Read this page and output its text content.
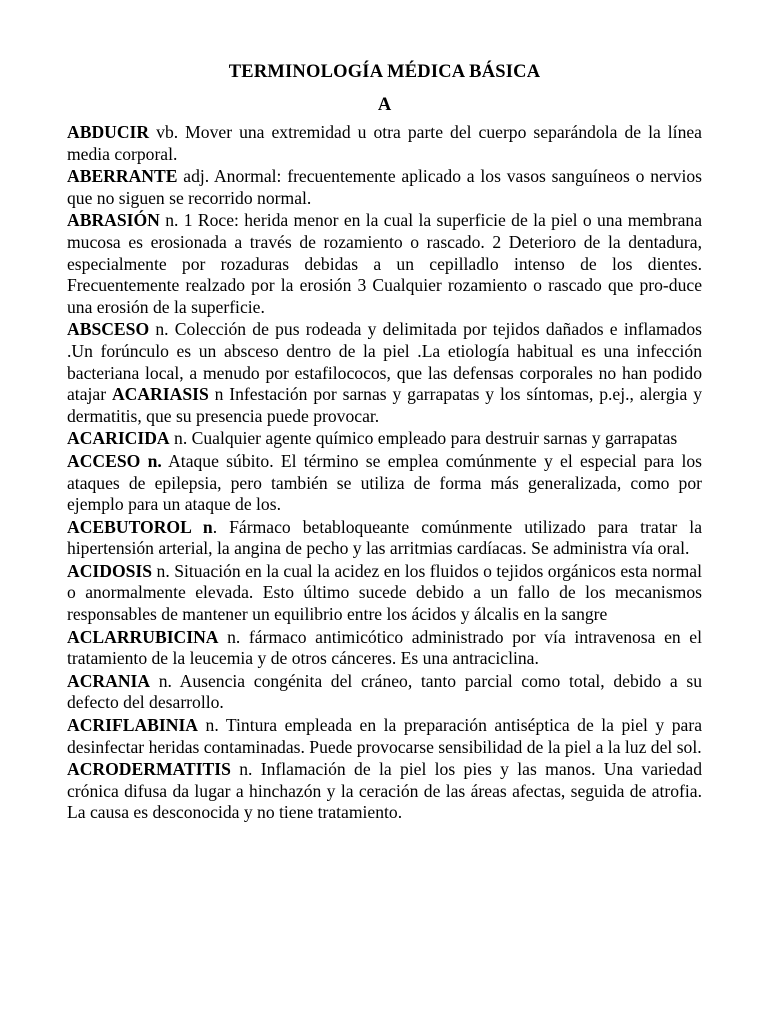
TERMINOLOGÍA MÉDICA BÁSICA
A

ABDUCIR vb. Mover una extremidad u otra parte del cuerpo separándola de la línea media corporal.

ABERRANTE adj. Anormal: frecuentemente aplicado a los vasos sanguíneos o nervios que no siguen se recorrido normal.

ABRASIÓN n. 1 Roce: herida menor en la cual la superficie de la piel o una membrana mucosa es erosionada a través de rozamiento o rascado. 2 Deterioro de la dentadura, especialmente por rozaduras debidas a un cepilladlo intenso de los dientes. Frecuentemente realzado por la erosión 3 Cualquier rozamiento o rascado que pro-duce una erosión de la superficie.

ABSCESO n. Colección de pus rodeada y delimitada por tejidos dañados e inflamados .Un forúnculo es un absceso dentro de la piel .La etiología habitual es una infección bacteriana local, a menudo por estafilococos, que las defensas corporales no han podido atajar ACARIASIS n Infestación por sarnas y garrapatas y los síntomas, p.ej., alergia y dermatitis, que su presencia puede provocar.

ACARICIDA n. Cualquier agente químico empleado para destruir sarnas y garrapatas

ACCESO n. Ataque súbito. El término se emplea comúnmente y el especial para los ataques de epilepsia, pero también se utiliza de forma más generalizada, como por ejemplo para un ataque de los.

ACEBUTOROL n. Fármaco betabloqueante comúnmente utilizado para tratar la hipertensión arterial, la angina de pecho y las arritmias cardíacas. Se administra vía oral.

ACIDOSIS n. Situación en la cual la acidez en los fluidos o tejidos orgánicos esta normal o anormalmente elevada. Esto último sucede debido a un fallo de los mecanismos responsables de mantener un equilibrio entre los ácidos y álcalis en la sangre

ACLARRUBICINA n. fármaco antimicótico administrado por vía intravenosa en el tratamiento de la leucemia y de otros cánceres. Es una antraciclina.

ACRANIA n. Ausencia congénita del cráneo, tanto parcial como total, debido a su defecto del desarrollo.

ACRIFLABINIA n. Tintura empleada en la preparación antiséptica de la piel y para desinfectar heridas contaminadas. Puede provocarse sensibilidad de la piel a la luz del sol.

ACRODERMATITIS n. Inflamación de la piel los pies y las manos. Una variedad crónica difusa da lugar a hinchazón y la ceración de las áreas afectas, seguida de atrofia. La causa es desconocida y no tiene tratamiento.
